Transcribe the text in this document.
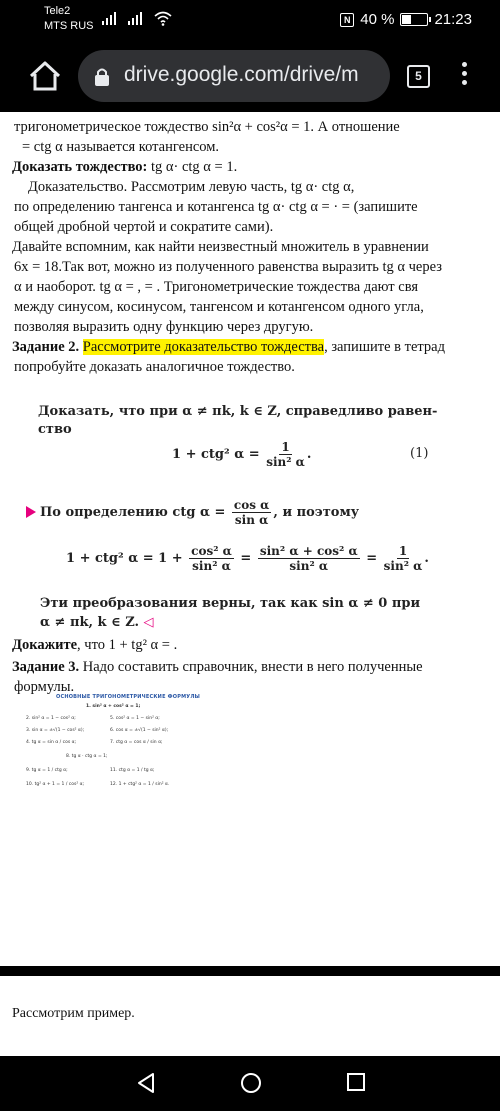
Tele2
MTS RUS
N 40 %	21:23
drive.google.com/drive/m	5
тригонометрическое тождество sin²α + cos²α = 1. А отношение
= ctg α называется котангенсом.
Доказать тождество: tg α· ctg α = 1.
Доказательство. Рассмотрим левую часть, tg α· ctg α,
по определению тангенса и котангенса tg α· ctg α = · = (запишите
общей дробной чертой и сократите сами).
Давайте вспомним, как найти неизвестный множитель в уравнении
6x = 18.Так вот, можно из полученного равенства выразить tg α через
α и наоборот. tg α = , = . Тригонометрические тождества дают свя
между синусом, косинусом, тангенсом и котангенсом одного угла,
позволяя выразить одну функцию через другую.
Задание 2. Рассмотрите доказательство тождества, запишите в тетрад
попробуйте доказать аналогичное тождество.
Доказать, что при α ≠ πk, k ∈ Z, справедливо равен-
ство
1 + ctg² $\alpha = \frac{1}{\text{sin² α}}$ .	(1)
По определению ctg $\alpha = \frac{\text{cos α}}{\text{sin α}}$ , и поэтому
1 + ctg² $\alpha = 1 + \frac{\text{cos² α}}{\text{sin² α}} = \frac{\text{sin² α + cos² α}}{\text{sin² α}} = \frac{1}{\text{sin² α}}$ .
Эти преобразования верны, так как sin α ≠ 0 при
α ≠ πk, k ∈ Z. ◁
Докажите, что 1 + tg² α = .
Задание 3. Надо составить справочник, внести в него полученные
формулы.
ОСНОВНЫЕ ТРИГОНОМЕТРИЧЕСКИЕ ФОРМУЛЫ
1. sin² α + cos² α = 1;
2. sin² α = 1 − cos² α;	5. cos² α = 1 − sin² α;
3. sin α = ±√(1 − cos² α);	6. cos α = ±√(1 − sin² α);
4. tg α = sin α / cos α;	7. ctg α = cos α / sin α;
8. tg α · ctg α = 1;
9. tg α = 1 / ctg α;	11. ctg α = 1 / tg α;
10. tg² α + 1 = 1 / cos² α;	12. 1 + ctg² α = 1 / sin² α.
Рассмотрим пример.
